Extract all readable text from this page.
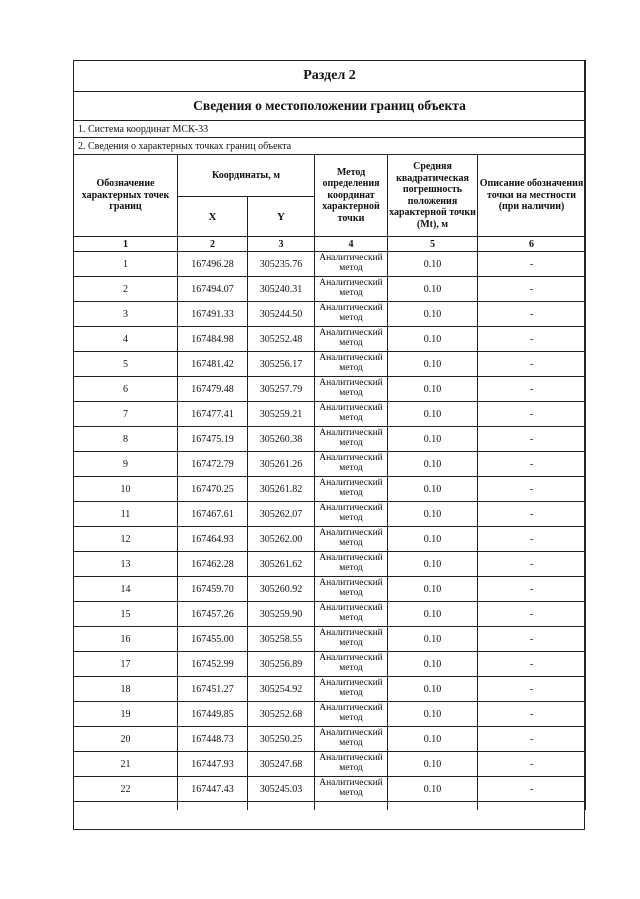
Раздел 2					
Сведения о местоположении границ объекта					
1. Система координат МСК-33					
2. Сведения о характерных точках границ объекта					
Обозначение характерных точек границ	Координаты, м		Метод определения координат характерной точки	Средняя квадратическая погрешность положения характерной точки (Mt), м	Описание обозначения точки на местности (при наличии)
	X	Y			
1	2	3	4	5	6
1	167496.28	305235.76	Аналитический метод	0.10	-
2	167494.07	305240.31	Аналитический метод	0.10	-
3	167491.33	305244.50	Аналитический метод	0.10	-
4	167484.98	305252.48	Аналитический метод	0.10	-
5	167481.42	305256.17	Аналитический метод	0.10	-
6	167479.48	305257.79	Аналитический метод	0.10	-
7	167477.41	305259.21	Аналитический метод	0.10	-
8	167475.19	305260.38	Аналитический метод	0.10	-
9	167472.79	305261.26	Аналитический метод	0.10	-
10	167470.25	305261.82	Аналитический метод	0.10	-
11	167467.61	305262.07	Аналитический метод	0.10	-
12	167464.93	305262.00	Аналитический метод	0.10	-
13	167462.28	305261.62	Аналитический метод	0.10	-
14	167459.70	305260.92	Аналитический метод	0.10	-
15	167457.26	305259.90	Аналитический метод	0.10	-
16	167455.00	305258.55	Аналитический метод	0.10	-
17	167452.99	305256.89	Аналитический метод	0.10	-
18	167451.27	305254.92	Аналитический метод	0.10	-
19	167449.85	305252.68	Аналитический метод	0.10	-
20	167448.73	305250.25	Аналитический метод	0.10	-
21	167447.93	305247.68	Аналитический метод	0.10	-
22	167447.43	305245.03	Аналитический метод	0.10	-
